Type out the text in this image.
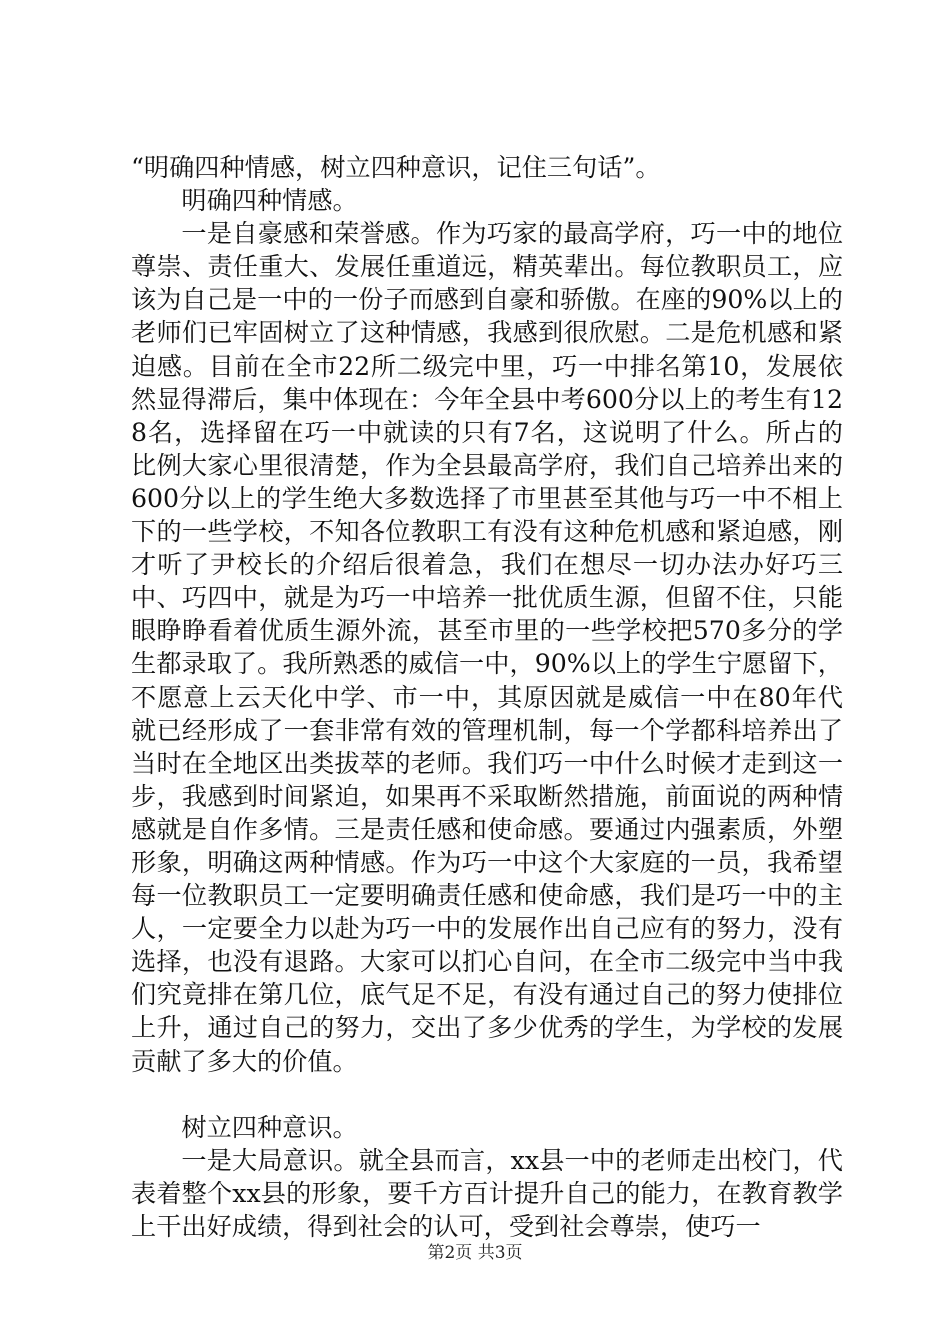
“明确四种情感，树立四种意识，记住三句话”。

明确四种情感。

一是自豪感和荣誉感。作为巧家的最高学府，巧一中的地位尊崇、责任重大、发展任重道远，精英辈出。每位教职员工，应该为自己是一中的一份子而感到自豪和骄傲。在座的90%以上的老师们已牢固树立了这种情感，我感到很欣慰。二是危机感和紧迫感。目前在全市22所二级完中里，巧一中排名第10，发展依然显得滞后，集中体现在：今年全县中考600分以上的考生有128名，选择留在巧一中就读的只有7名，这说明了什么。所占的比例大家心里很清楚，作为全县最高学府，我们自己培养出来的600分以上的学生绝大多数选择了市里甚至其他与巧一中不相上下的一些学校，不知各位教职工有没有这种危机感和紧迫感，刚才听了尹校长的介绍后很着急，我们在想尽一切办法办好巧三中、巧四中，就是为巧一中培养一批优质生源，但留不住，只能眼睁睁看着优质生源外流，甚至市里的一些学校把570多分的学生都录取了。我所熟悉的威信一中，90%以上的学生宁愿留下，不愿意上云天化中学、市一中，其原因就是威信一中在80年代就已经形成了一套非常有效的管理机制，每一个学都科培养出了当时在全地区出类拔萃的老师。我们巧一中什么时候才走到这一步，我感到时间紧迫，如果再不采取断然措施，前面说的两种情感就是自作多情。三是责任感和使命感。要通过内强素质，外塑形象，明确这两种情感。作为巧一中这个大家庭的一员，我希望每一位教职员工一定要明确责任感和使命感，我们是巧一中的主人，一定要全力以赴为巧一中的发展作出自己应有的努力，没有选择，也没有退路。大家可以扪心自问，在全市二级完中当中我们究竟排在第几位，底气足不足，有没有通过自己的努力使排位上升，通过自己的努力，交出了多少优秀的学生，为学校的发展贡献了多大的价值。

树立四种意识。

一是大局意识。就全县而言，xx县一中的老师走出校门，代表着整个xx县的形象，要千方百计提升自己的能力，在教育教学上干出好成绩，得到社会的认可，受到社会尊崇，使巧一

第2页 共3页
